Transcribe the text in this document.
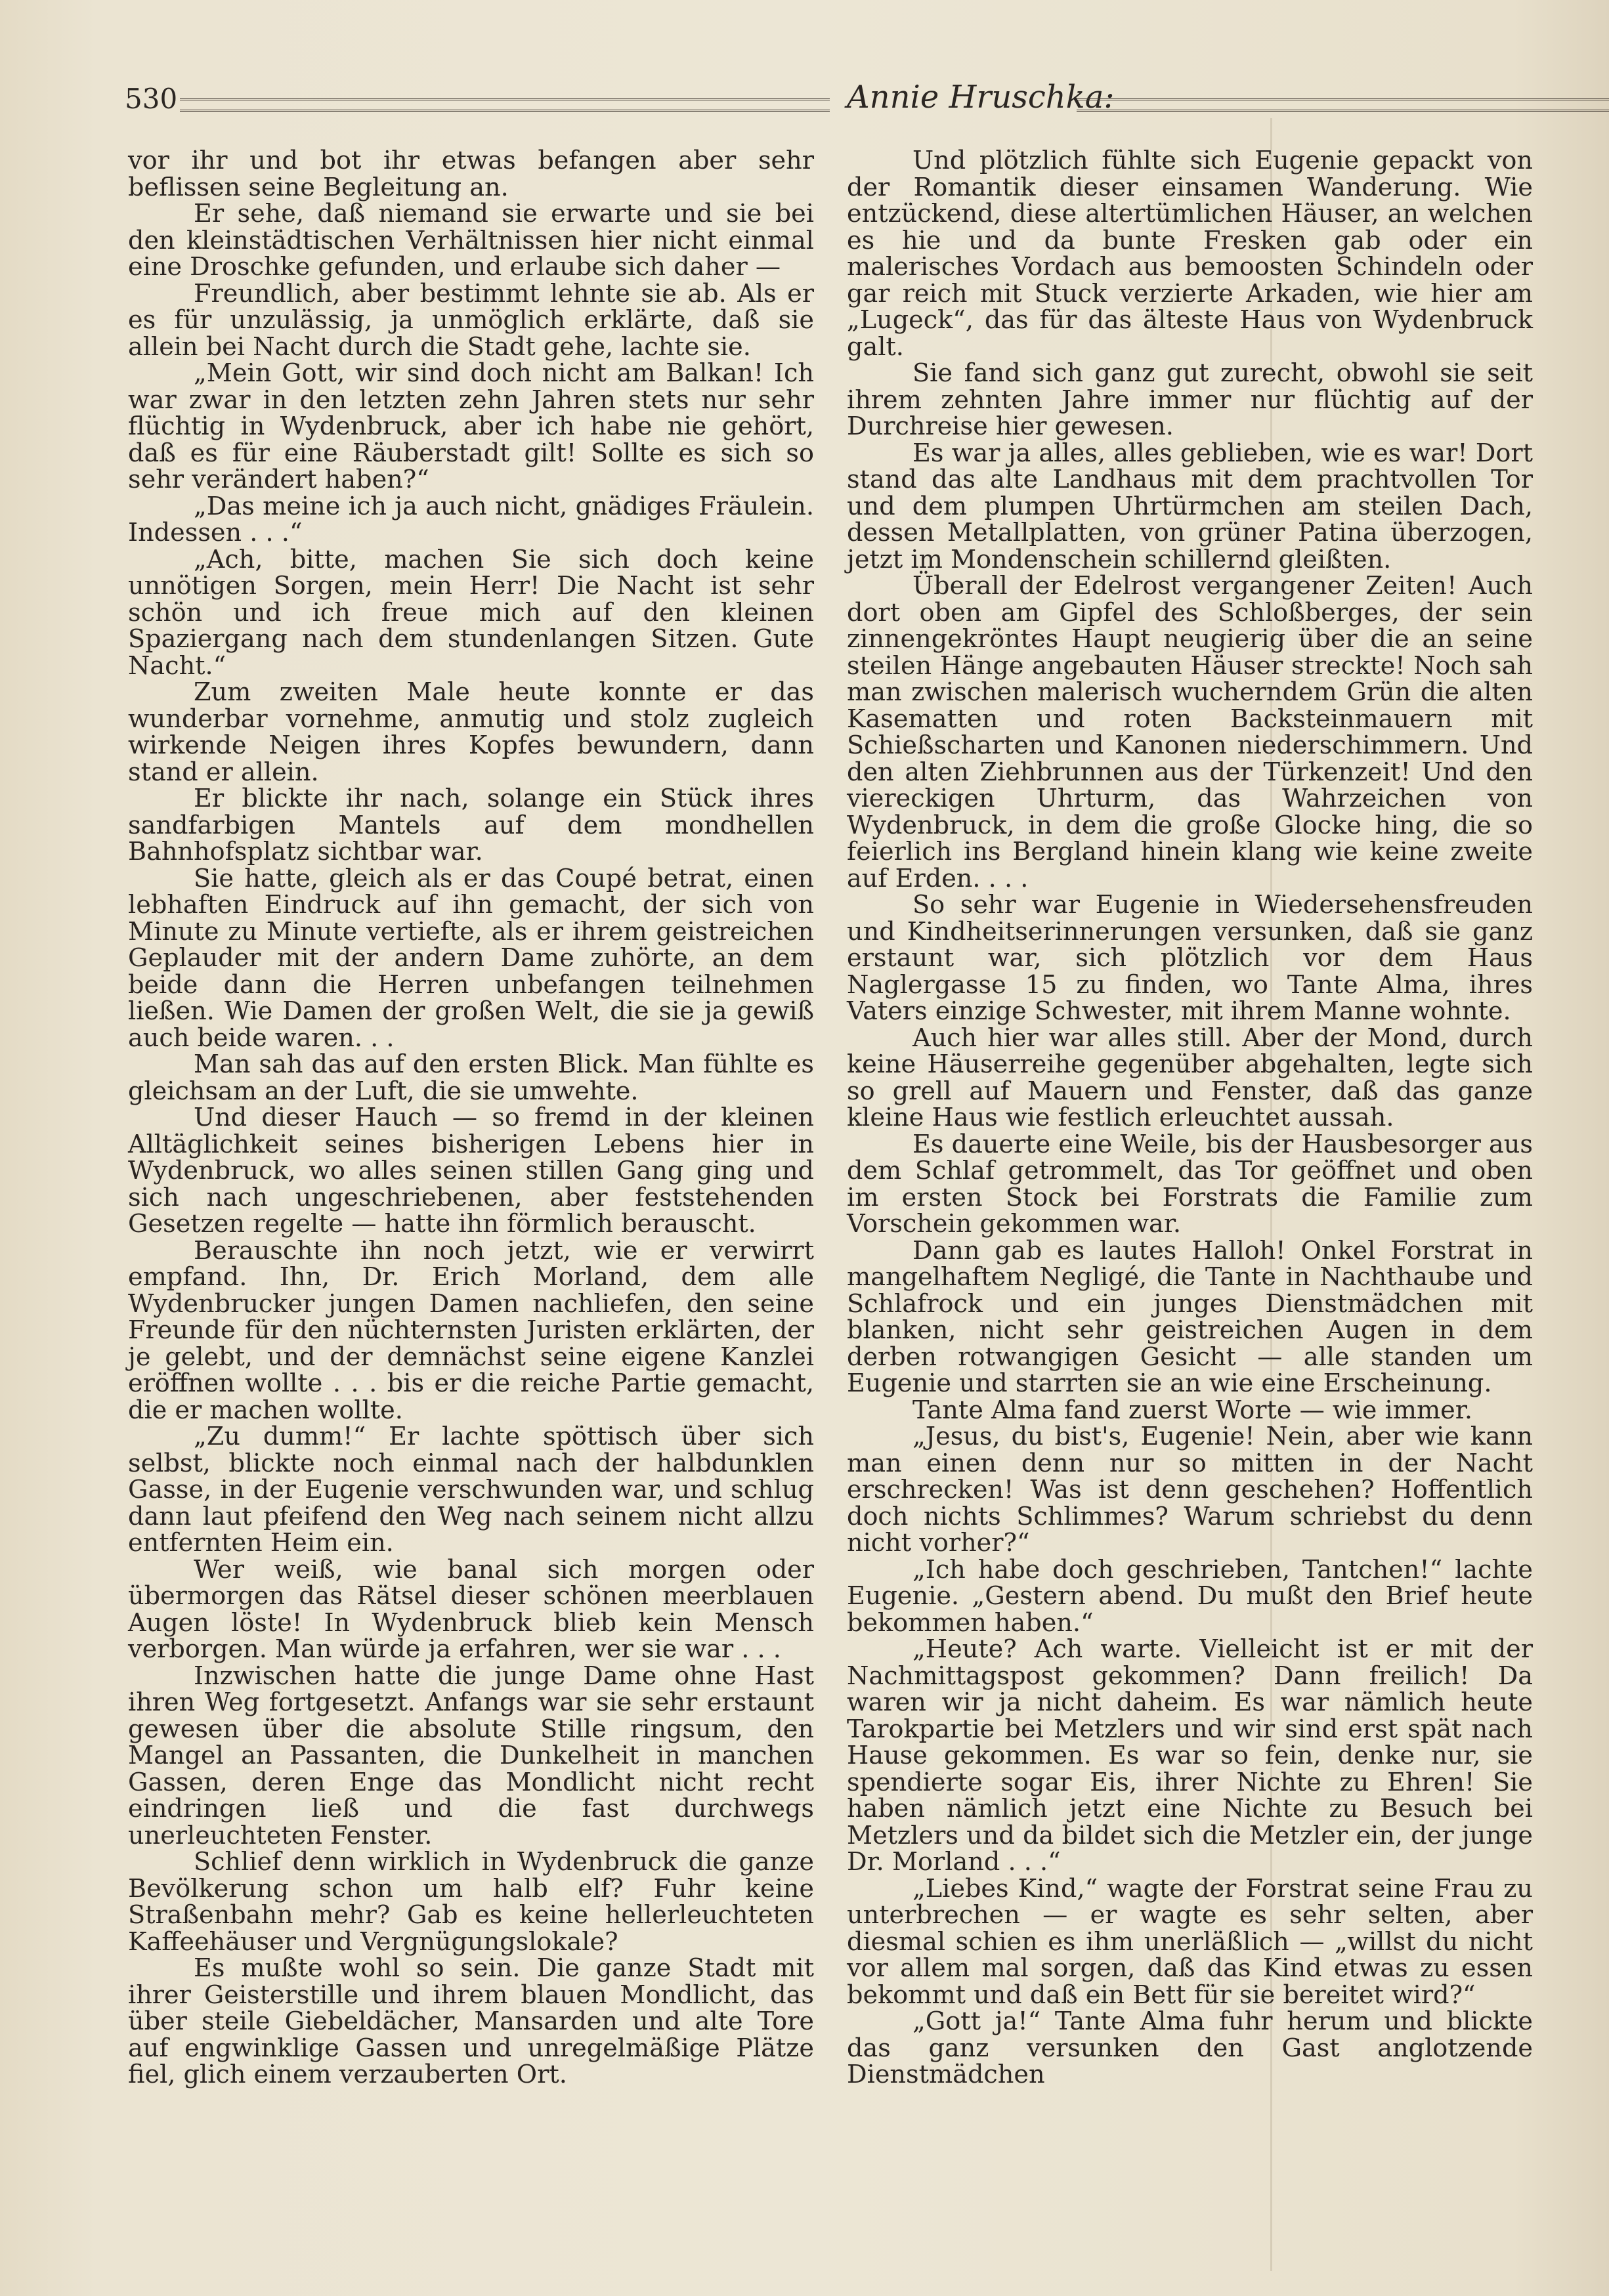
530	Annie Hruschka:

vor ihr und bot ihr etwas befangen aber sehr beflissen seine Begleitung an.

Er sehe, daß niemand sie erwarte und sie bei den kleinstädtischen Verhältnissen hier nicht einmal eine Droschke gefunden, und erlaube sich daher —

Freundlich, aber bestimmt lehnte sie ab. Als er es für unzulässig, ja unmöglich erklärte, daß sie allein bei Nacht durch die Stadt gehe, lachte sie.

„Mein Gott, wir sind doch nicht am Balkan! Ich war zwar in den letzten zehn Jahren stets nur sehr flüchtig in Wydenbruck, aber ich habe nie gehört, daß es für eine Räuberstadt gilt! Sollte es sich so sehr verändert haben?“

„Das meine ich ja auch nicht, gnädiges Fräulein. Indessen . . .“

„Ach, bitte, machen Sie sich doch keine unnötigen Sorgen, mein Herr! Die Nacht ist sehr schön und ich freue mich auf den kleinen Spaziergang nach dem stundenlangen Sitzen. Gute Nacht.“

Zum zweiten Male heute konnte er das wunderbar vornehme, anmutig und stolz zugleich wirkende Neigen ihres Kopfes bewundern, dann stand er allein.

Er blickte ihr nach, solange ein Stück ihres sandfarbigen Mantels auf dem mondhellen Bahnhofsplatz sichtbar war.

Sie hatte, gleich als er das Coupé betrat, einen lebhaften Eindruck auf ihn gemacht, der sich von Minute zu Minute vertiefte, als er ihrem geistreichen Geplauder mit der andern Dame zuhörte, an dem beide dann die Herren unbefangen teilnehmen ließen. Wie Damen der großen Welt, die sie ja gewiß auch beide waren. . .

Man sah das auf den ersten Blick. Man fühlte es gleichsam an der Luft, die sie umwehte.

Und dieser Hauch — so fremd in der kleinen Alltäglichkeit seines bisherigen Lebens hier in Wydenbruck, wo alles seinen stillen Gang ging und sich nach ungeschriebenen, aber feststehenden Gesetzen regelte — hatte ihn förmlich berauscht.

Berauschte ihn noch jetzt, wie er verwirrt empfand. Ihn, Dr. Erich Morland, dem alle Wydenbrucker jungen Damen nachliefen, den seine Freunde für den nüchternsten Juristen erklärten, der je gelebt, und der demnächst seine eigene Kanzlei eröffnen wollte . . . bis er die reiche Partie gemacht, die er machen wollte.

„Zu dumm!“ Er lachte spöttisch über sich selbst, blickte noch einmal nach der halbdunklen Gasse, in der Eugenie verschwunden war, und schlug dann laut pfeifend den Weg nach seinem nicht allzu entfernten Heim ein.

Wer weiß, wie banal sich morgen oder übermorgen das Rätsel dieser schönen meerblauen Augen löste! In Wydenbruck blieb kein Mensch verborgen. Man würde ja erfahren, wer sie war . . .

Inzwischen hatte die junge Dame ohne Hast ihren Weg fortgesetzt. Anfangs war sie sehr erstaunt gewesen über die absolute Stille ringsum, den Mangel an Passanten, die Dunkelheit in manchen Gassen, deren Enge das Mondlicht nicht recht eindringen ließ und die fast durchwegs unerleuchteten Fenster.

Schlief denn wirklich in Wydenbruck die ganze Bevölkerung schon um halb elf? Fuhr keine Straßenbahn mehr? Gab es keine hellerleuchteten Kaffeehäuser und Vergnügungslokale?

Es mußte wohl so sein. Die ganze Stadt mit ihrer Geisterstille und ihrem blauen Mondlicht, das über steile Giebeldächer, Mansarden und alte Tore auf engwinklige Gassen und unregelmäßige Plätze fiel, glich einem verzauberten Ort.

Und plötzlich fühlte sich Eugenie gepackt von der Romantik dieser einsamen Wanderung. Wie entzückend, diese altertümlichen Häuser, an welchen es hie und da bunte Fresken gab oder ein malerisches Vordach aus bemoosten Schindeln oder gar reich mit Stuck verzierte Arkaden, wie hier am „Lugeck“, das für das älteste Haus von Wydenbruck galt.

Sie fand sich ganz gut zurecht, obwohl sie seit ihrem zehnten Jahre immer nur flüchtig auf der Durchreise hier gewesen.

Es war ja alles, alles geblieben, wie es war! Dort stand das alte Landhaus mit dem prachtvollen Tor und dem plumpen Uhrtürmchen am steilen Dach, dessen Metallplatten, von grüner Patina überzogen, jetzt im Mondenschein schillernd gleißten.

Überall der Edelrost vergangener Zeiten! Auch dort oben am Gipfel des Schloßberges, der sein zinnengekröntes Haupt neugierig über die an seine steilen Hänge angebauten Häuser streckte! Noch sah man zwischen malerisch wucherndem Grün die alten Kasematten und roten Backsteinmauern mit Schießscharten und Kanonen niederschimmern. Und den alten Ziehbrunnen aus der Türkenzeit! Und den viereckigen Uhrturm, das Wahrzeichen von Wydenbruck, in dem die große Glocke hing, die so feierlich ins Bergland hinein klang wie keine zweite auf Erden. . . .

So sehr war Eugenie in Wiedersehensfreuden und Kindheitserinnerungen versunken, daß sie ganz erstaunt war, sich plötzlich vor dem Haus Naglergasse 15 zu finden, wo Tante Alma, ihres Vaters einzige Schwester, mit ihrem Manne wohnte.

Auch hier war alles still. Aber der Mond, durch keine Häuserreihe gegenüber abgehalten, legte sich so grell auf Mauern und Fenster, daß das ganze kleine Haus wie festlich erleuchtet aussah.

Es dauerte eine Weile, bis der Hausbesorger aus dem Schlaf getrommelt, das Tor geöffnet und oben im ersten Stock bei Forstrats die Familie zum Vorschein gekommen war.

Dann gab es lautes Halloh! Onkel Forstrat in mangelhaftem Negligé, die Tante in Nachthaube und Schlafrock und ein junges Dienstmädchen mit blanken, nicht sehr geistreichen Augen in dem derben rotwangigen Gesicht — alle standen um Eugenie und starrten sie an wie eine Erscheinung.

Tante Alma fand zuerst Worte — wie immer.

„Jesus, du bist's, Eugenie! Nein, aber wie kann man einen denn nur so mitten in der Nacht erschrecken! Was ist denn geschehen? Hoffentlich doch nichts Schlimmes? Warum schriebst du denn nicht vorher?“

„Ich habe doch geschrieben, Tantchen!“ lachte Eugenie. „Gestern abend. Du mußt den Brief heute bekommen haben.“

„Heute? Ach warte. Vielleicht ist er mit der Nachmittagspost gekommen? Dann freilich! Da waren wir ja nicht daheim. Es war nämlich heute Tarokpartie bei Metzlers und wir sind erst spät nach Hause gekommen. Es war so fein, denke nur, sie spendierte sogar Eis, ihrer Nichte zu Ehren! Sie haben nämlich jetzt eine Nichte zu Besuch bei Metzlers und da bildet sich die Metzler ein, der junge Dr. Morland . . .“

„Liebes Kind,“ wagte der Forstrat seine Frau zu unterbrechen — er wagte es sehr selten, aber diesmal schien es ihm unerläßlich — „willst du nicht vor allem mal sorgen, daß das Kind etwas zu essen bekommt und daß ein Bett für sie bereitet wird?“

„Gott ja!“ Tante Alma fuhr herum und blickte das ganz versunken den Gast anglotzende Dienstmädchen
